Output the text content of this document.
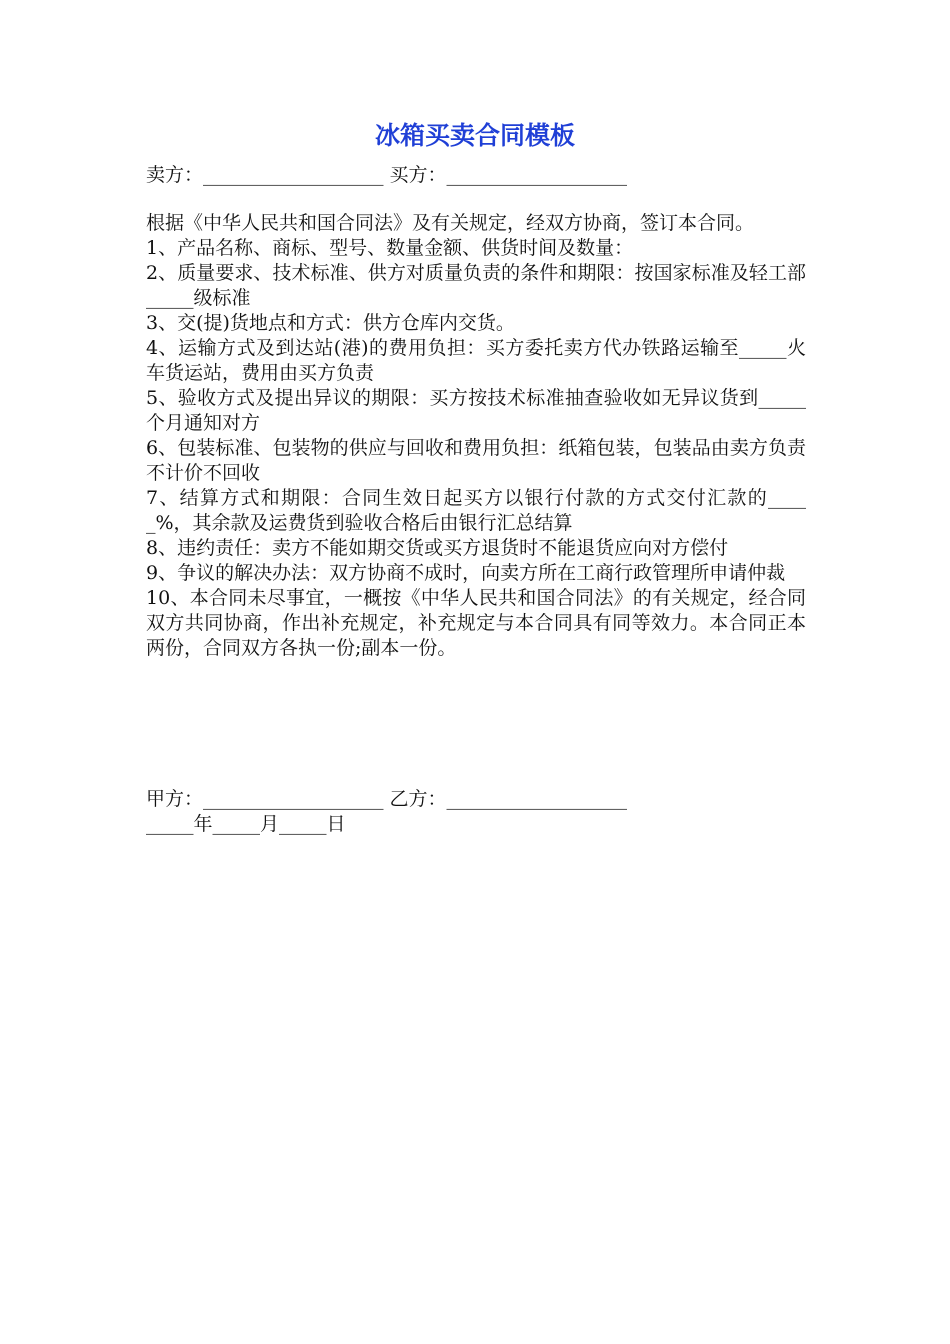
冰箱买卖合同模板
卖方：___________________ 买方：___________________

根据《中华人民共和国合同法》及有关规定，经双方协商，签订本合同。

1、产品名称、商标、型号、数量金额、供货时间及数量：

2、质量要求、技术标准、供方对质量负责的条件和期限：按国家标准及轻工部_____级标准

3、交(提)货地点和方式：供方仓库内交货。

4、运输方式及到达站(港)的费用负担：买方委托卖方代办铁路运输至_____火车货运站，费用由买方负责

5、验收方式及提出异议的期限：买方按技术标准抽查验收如无异议货到_____个月通知对方

6、包装标准、包装物的供应与回收和费用负担：纸箱包装，包装品由卖方负责不计价不回收

7、结算方式和期限：合同生效日起买方以银行付款的方式交付汇款的_____%，其余款及运费货到验收合格后由银行汇总结算

8、违约责任：卖方不能如期交货或买方退货时不能退货应向对方偿付

9、争议的解决办法：双方协商不成时，向卖方所在工商行政管理所申请仲裁

10、本合同未尽事宜，一概按《中华人民共和国合同法》的有关规定，经合同双方共同协商，作出补充规定，补充规定与本合同具有同等效力。本合同正本两份，合同双方各执一份;副本一份。

甲方：___________________ 乙方：___________________
_____年_____月_____日
